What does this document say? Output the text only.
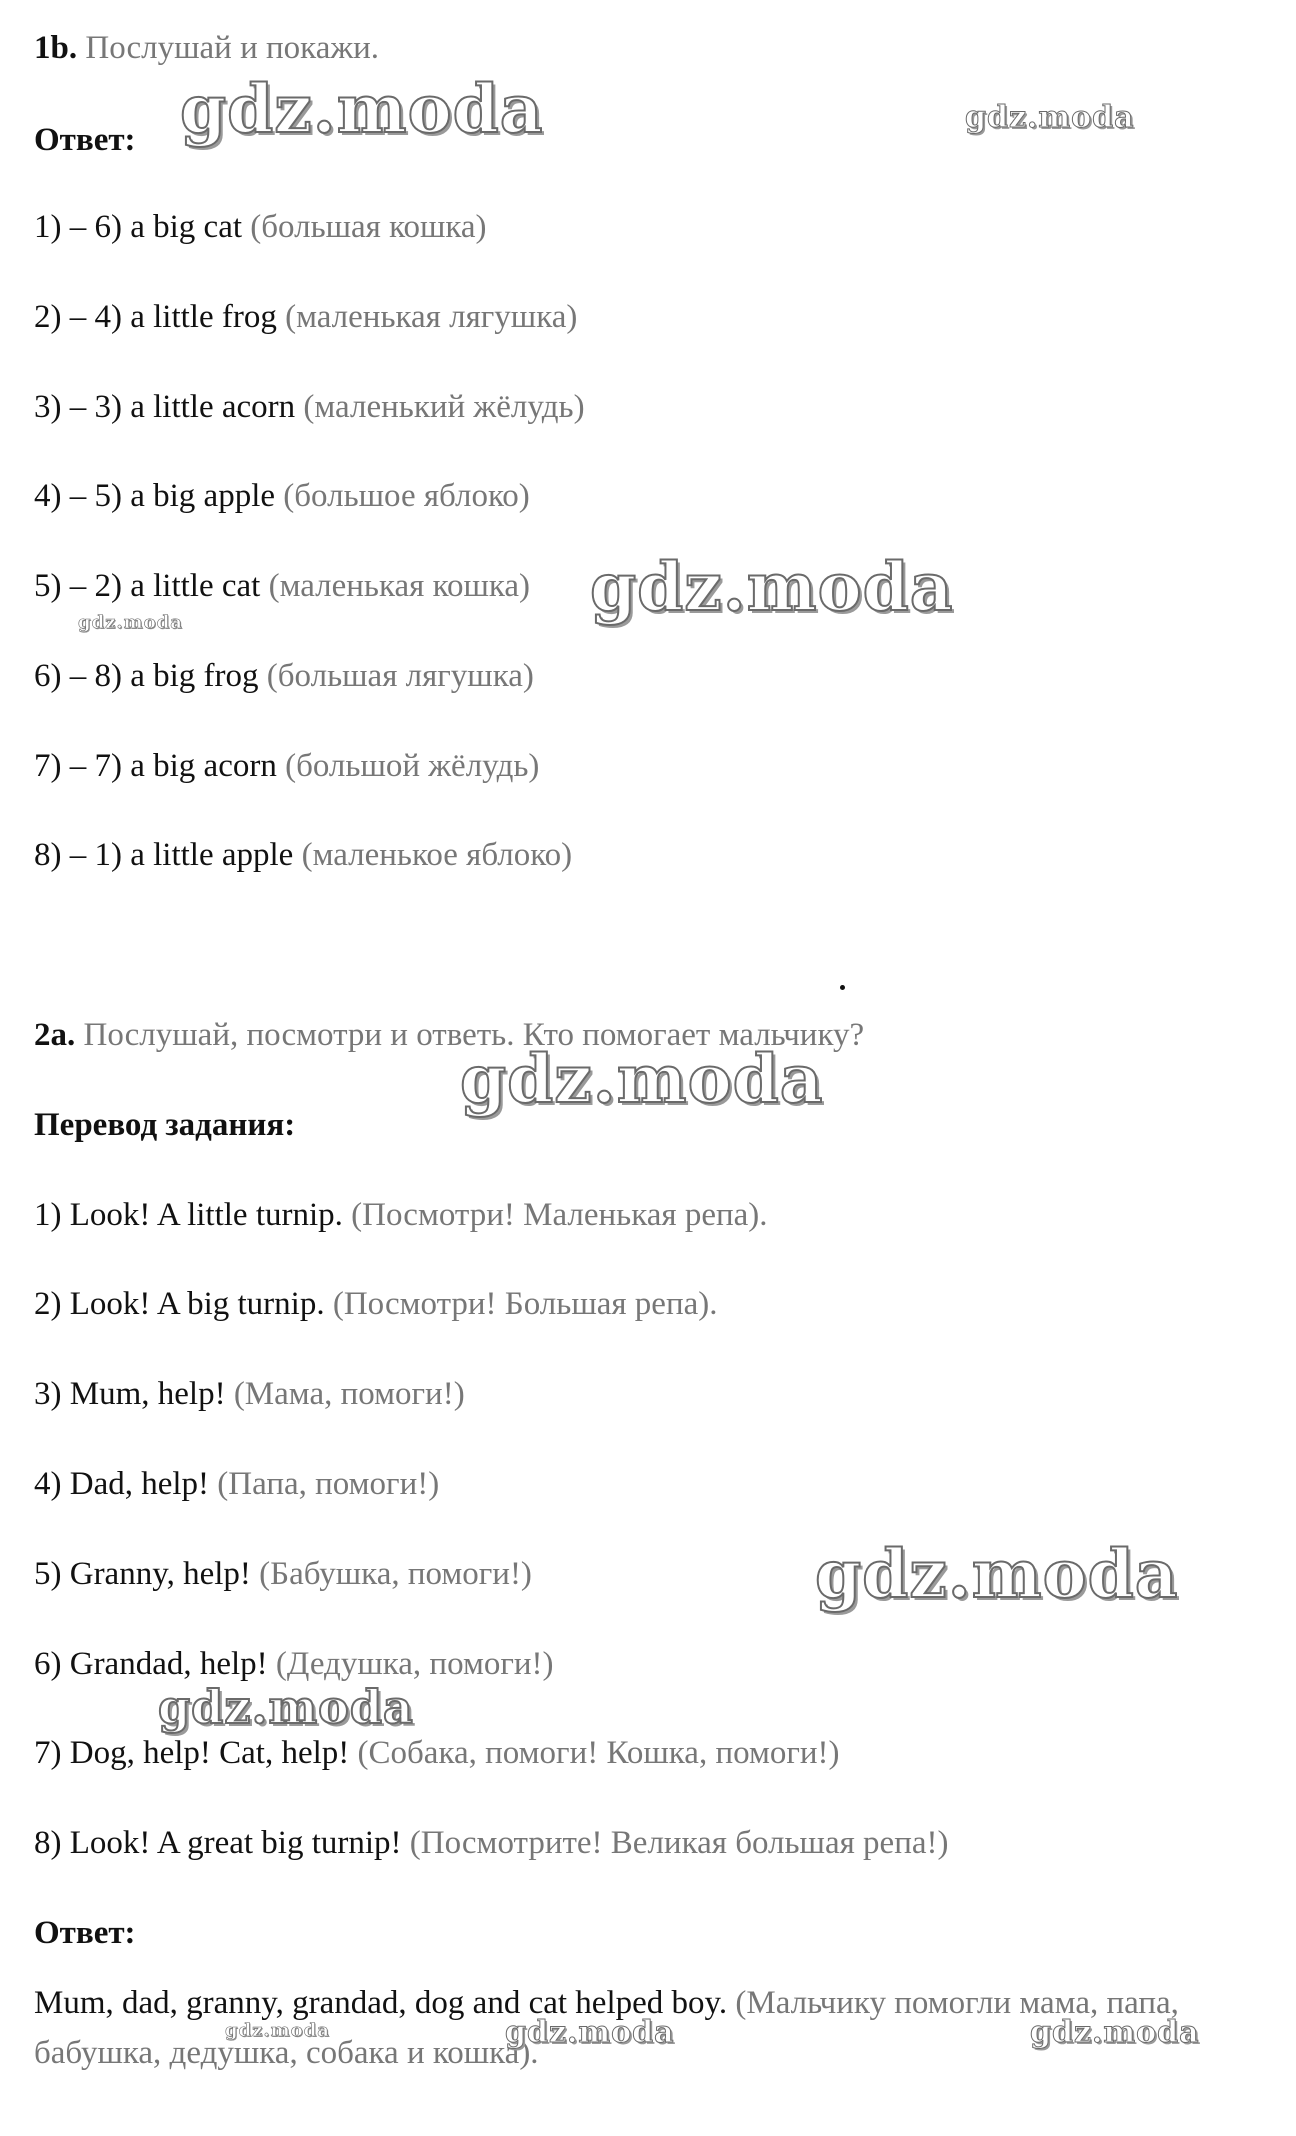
1b. Послушай и покажи.

Ответ:

1) – 6) a big cat (большая кошка)

2) – 4) a little frog (маленькая лягушка)

3) – 3) a little acorn (маленький жёлудь)

4) – 5) a big apple (большое яблоко)

5) – 2) a little cat (маленькая кошка)

6) – 8) a big frog (большая лягушка)

7) – 7) a big acorn (большой жёлудь)

8) – 1) a little apple (маленькое яблоко)

2a. Послушай, посмотри и ответь. Кто помогает мальчику?

Перевод задания:

1) Look! A little turnip. (Посмотри! Маленькая репа).

2) Look! A big turnip. (Посмотри! Большая репа).

3) Mum, help! (Мама, помоги!)

4) Dad, help! (Папа, помоги!)

5) Granny, help! (Бабушка, помоги!)

6) Grandad, help! (Дедушка, помоги!)

7) Dog, help! Cat, help! (Собака, помоги! Кошка, помоги!)

8) Look! A great big turnip! (Посмотрите! Великая большая репа!)

Ответ:

Mum, dad, granny, grandad, dog and cat helped boy. (Мальчику помогли мама, папа, бабушка, дедушка, собака и кошка).

gdz.moda	gdz.moda
gdz.moda
gdz.moda
gdz.moda
gdz.moda
gdz.moda
gdz.moda	gdz.moda	gdz.moda
